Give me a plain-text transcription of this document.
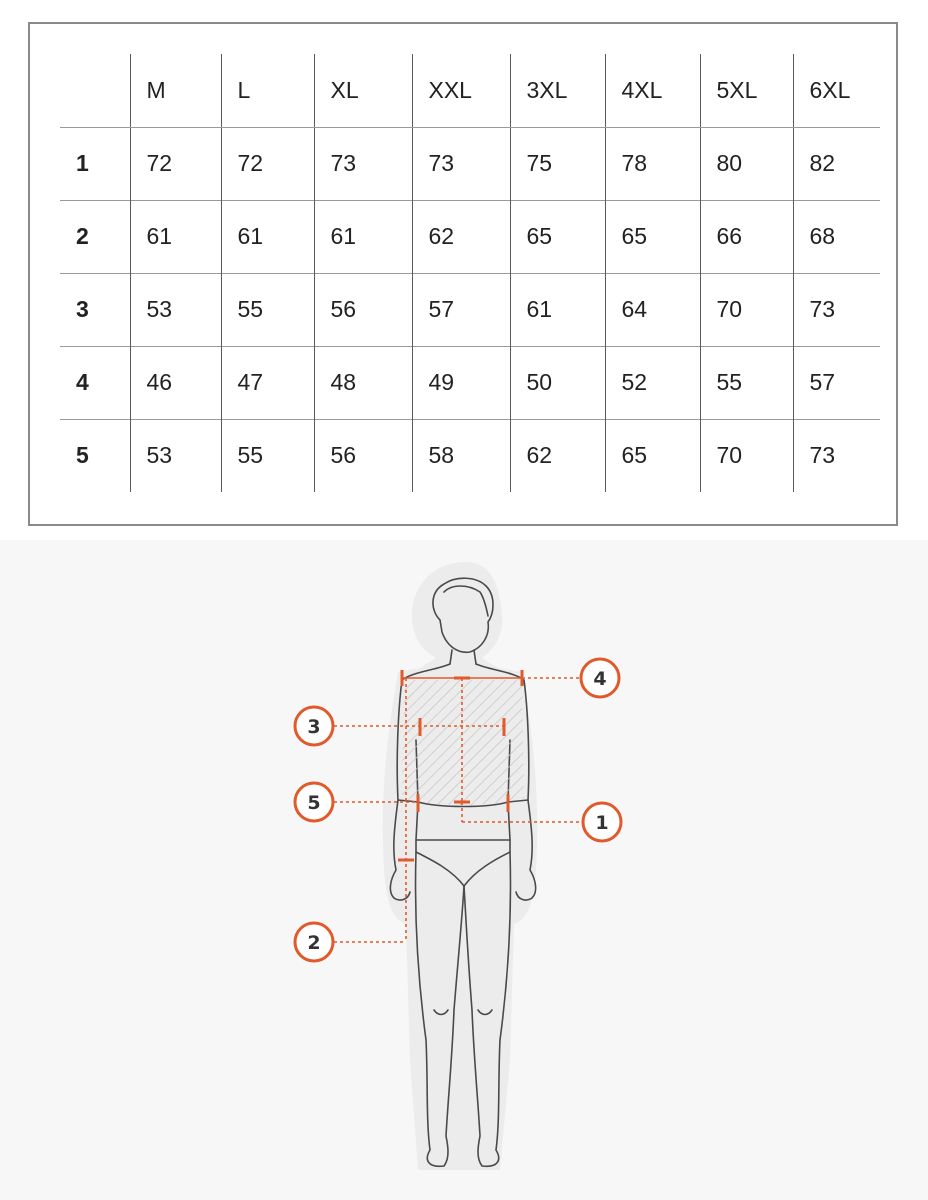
	M	L	XL	XXL	3XL	4XL	5XL	6XL
1	72	72	73	73	75	78	80	82
2	61	61	61	62	65	65	66	68
3	53	55	56	57	61	64	70	73
4	46	47	48	49	50	52	55	57
5	53	55	56	58	62	65	70	73
4
3
5
1
2
